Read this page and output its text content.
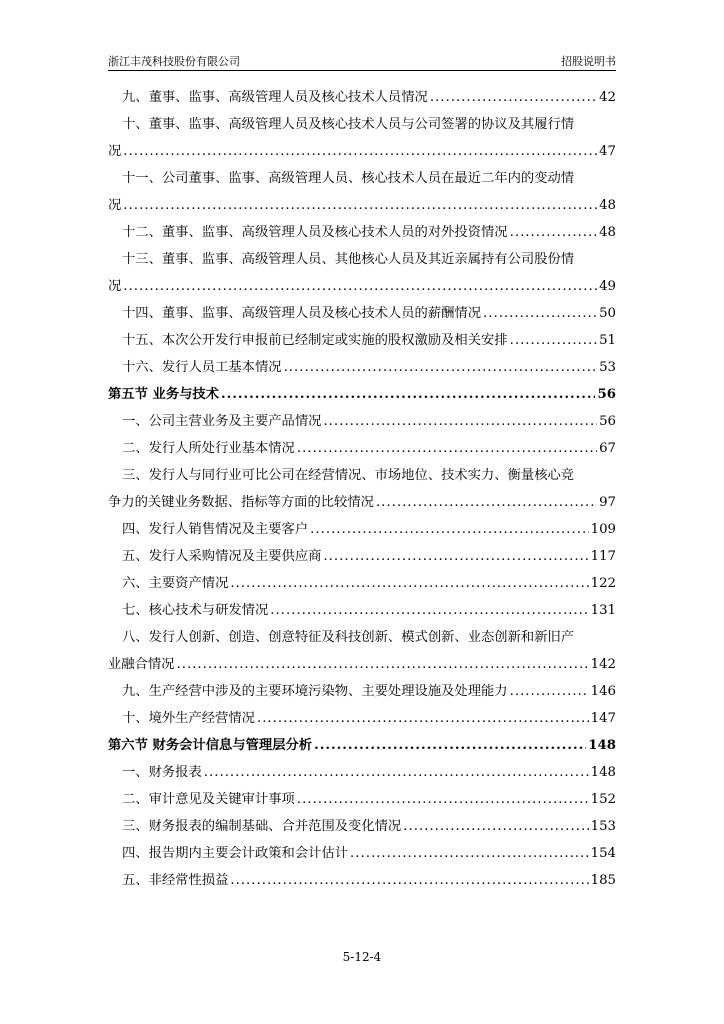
浙江丰茂科技股份有限公司	招股说明书
九、董事、监事、高级管理人员及核心技术人员情况 .....	42
十、董事、监事、高级管理人员及核心技术人员与公司签署的协议及其履行情
况 .....	47
十一、公司董事、监事、高级管理人员、核心技术人员在最近二年内的变动情
况 .....	48
十二、董事、监事、高级管理人员及核心技术人员的对外投资情况 .....	48
十三、董事、监事、高级管理人员、其他核心人员及其近亲属持有公司股份情
况 .....	49
十四、董事、监事、高级管理人员及核心技术人员的薪酬情况 .....	50
十五、本次公开发行申报前已经制定或实施的股权激励及相关安排 .....	51
十六、发行人员工基本情况 .....	53
第五节 业务与技术 .....	56
一、公司主营业务及主要产品情况 .....	56
二、发行人所处行业基本情况 .....	67
三、发行人与同行业可比公司在经营情况、市场地位、技术实力、衡量核心竞
争力的关键业务数据、指标等方面的比较情况 .....	97
四、发行人销售情况及主要客户 .....	109
五、发行人采购情况及主要供应商 .....	117
六、主要资产情况 .....	122
七、核心技术与研发情况 .....	131
八、发行人创新、创造、创意特征及科技创新、模式创新、业态创新和新旧产
业融合情况 .....	142
九、生产经营中涉及的主要环境污染物、主要处理设施及处理能力 .....	146
十、境外生产经营情况 .....	147
第六节 财务会计信息与管理层分析 .....	148
一、财务报表 .....	148
二、审计意见及关键审计事项 .....	152
三、财务报表的编制基础、合并范围及变化情况 .....	153
四、报告期内主要会计政策和会计估计 .....	154
五、非经常性损益 .....	185
5-12-4
